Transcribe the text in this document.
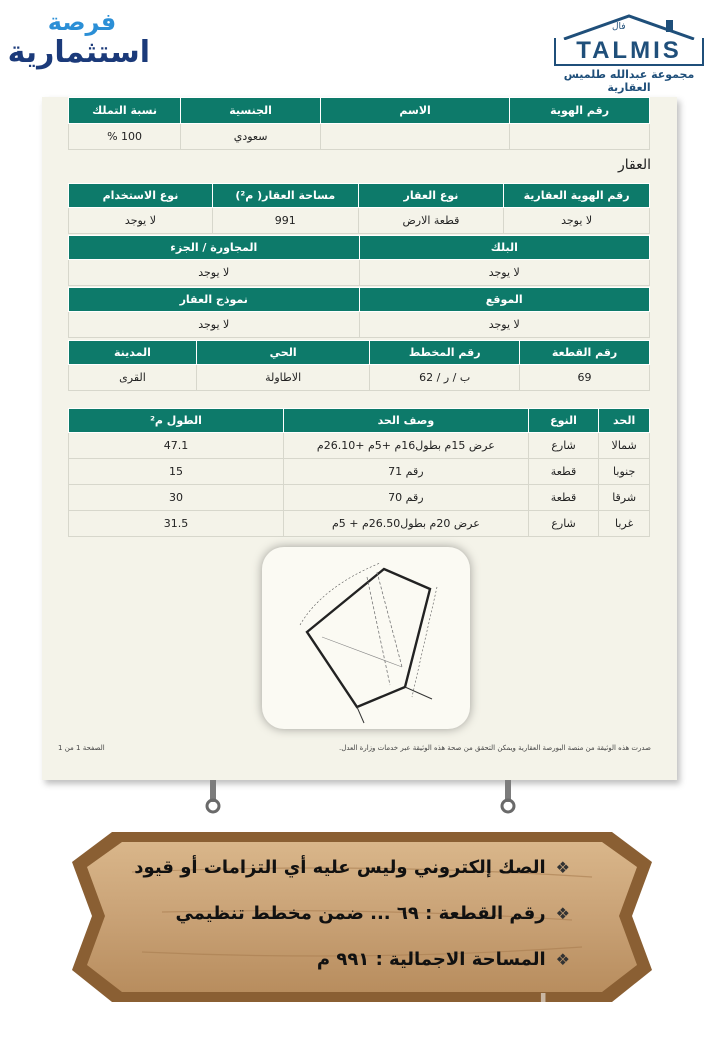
فرصة
استثمارية
فال
TALMIS
مجموعة عبدالله طلميس العقارية
رقم الهوية	الاسم	الجنسية	نسبة التملك
		سعودي	100 %
العقار
رقم الهوية العقارية	نوع العقار	مساحة العقار( م²)	نوع الاستخدام
لا يوجد	قطعة الارض	991	لا يوجد
البلك	المجاورة / الجزء
لا يوجد	لا يوجد
الموقع	نموذج العقار
لا يوجد	لا يوجد
رقم القطعة	رقم المخطط	الحي	المدينة
69	ب / ر / 62	الاطاولة	القرى
الحد	النوع	وصف الحد	الطول م²
شمالا	شارع	عرض 15م بطول16م +5م +26.10م	47.1
جنوبا	قطعة	رقم 71	15
شرقا	قطعة	رقم 70	30
غربا	شارع	عرض 20م بطول26.50م + 5م	31.5
صدرت هذه الوثيقة من منصة البورصة العقارية ويمكن التحقق من صحة هذه الوثيقة عبر خدمات وزارة العدل.
الصفحة 1 من 1
❖الصك إلكتروني وليس عليه أي التزامات أو قيود
❖رقم القطعة : ٦٩ ... ضمن مخطط تنظيمي
❖المساحة الاجمالية : ٩٩١ م
حراج
